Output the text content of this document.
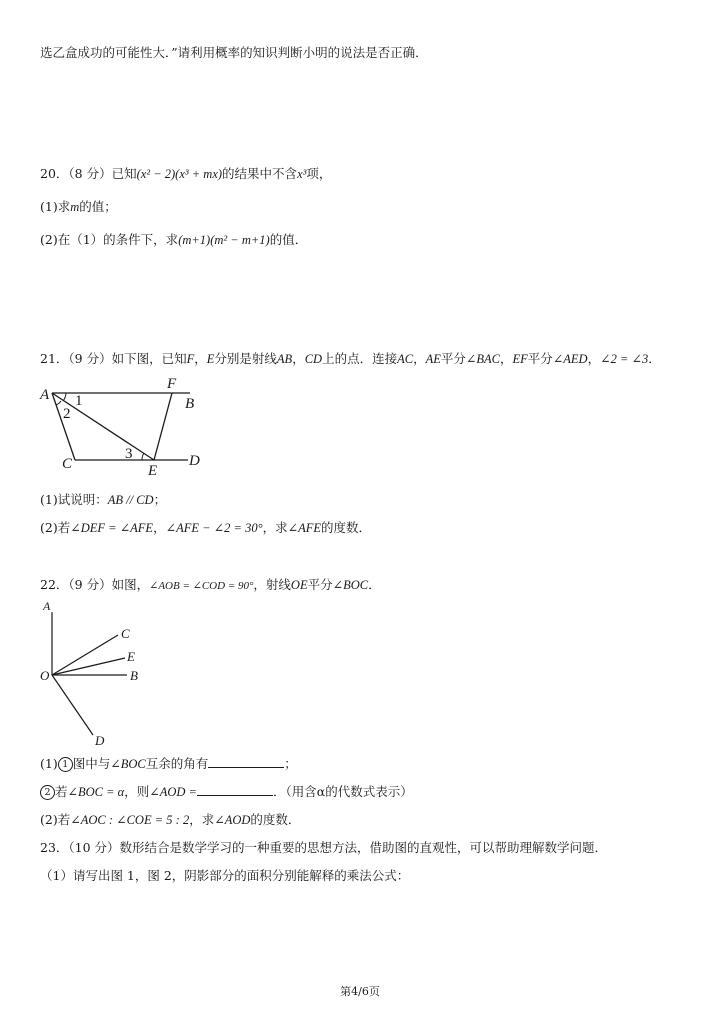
选乙盒成功的可能性大．”请利用概率的知识判断小明的说法是否正确．
20．（8 分）已知(x² − 2)(x³ + mx)的结果中不含x³项，
(1)求m的值；
(2)在（1）的条件下，求(m+1)(m² − m+1)的值．
21．（9 分）如下图，已知F，E分别是射线AB，CD上的点．连接AC，AE平分∠BAC，EF平分∠AED，∠2 = ∠3．
A
F
B
C	E
D
1
2
3
(1)试说明：AB // CD；
(2)若∠DEF = ∠AFE，∠AFE − ∠2 = 30°，求∠AFE的度数．
22．（9 分）如图，∠AOB = ∠COD = 90°，射线OE平分∠BOC．
A
C
E
O	B
D
(1) 1 图中与∠BOC互余的角有	；
2 若∠BOC = α，则∠AOD =	．（用含α的代数式表示）
(2)若∠AOC : ∠COE = 5 : 2，求∠AOD的度数．
23．（10 分）数形结合是数学学习的一种重要的思想方法，借助图的直观性，可以帮助理解数学问题．
（1）请写出图 1，图 2，阴影部分的面积分别能解释的乘法公式：
第4/6页
